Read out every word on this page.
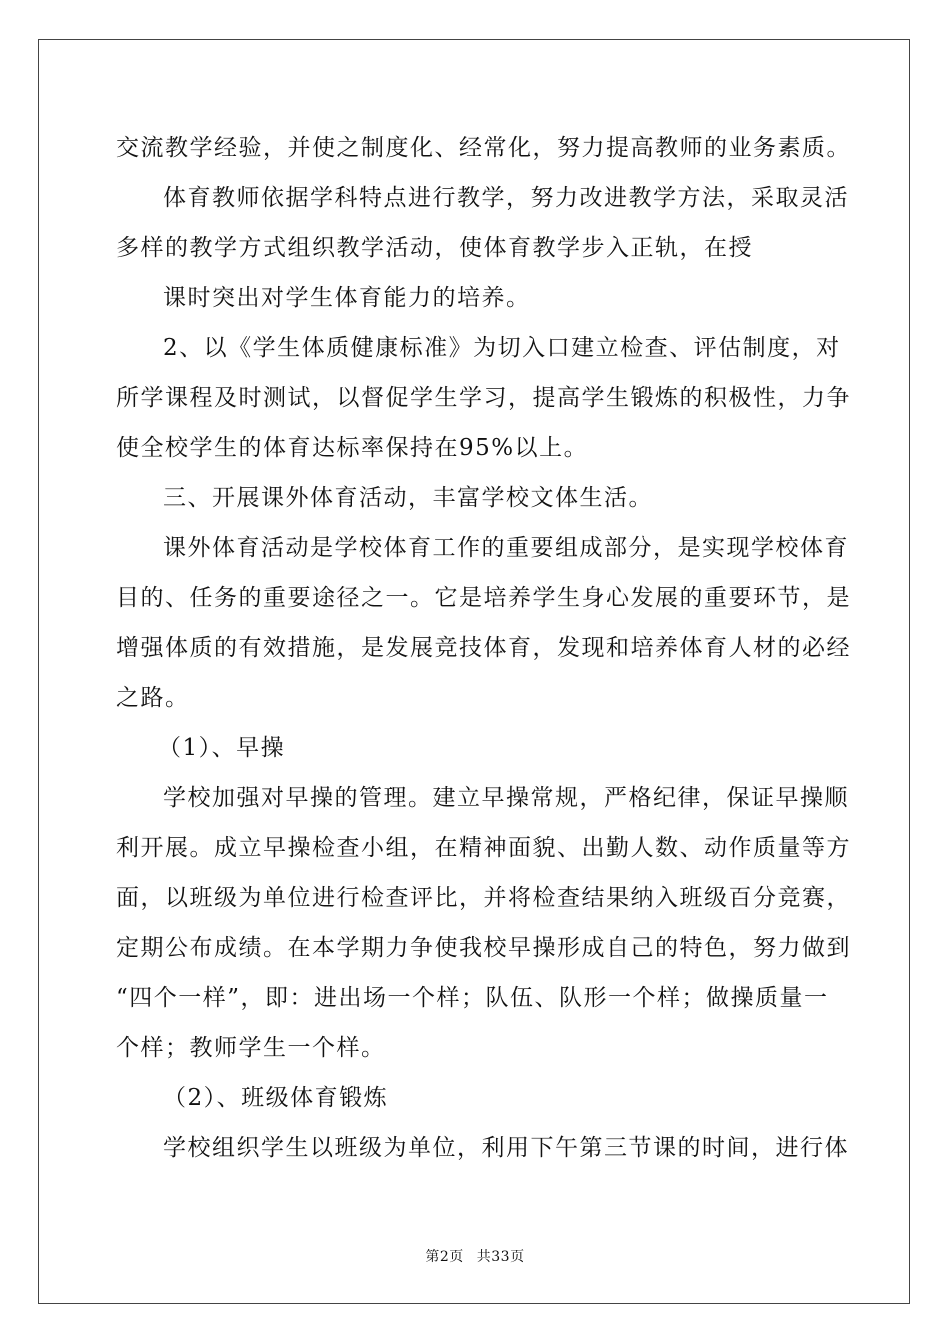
交流教学经验，并使之制度化、经常化，努力提高教师的业务素质。
体育教师依据学科特点进行教学，努力改进教学方法，采取灵活
多样的教学方式组织教学活动，使体育教学步入正轨，在授
课时突出对学生体育能力的培养。
2、以《学生体质健康标准》为切入口建立检查、评估制度，对
所学课程及时测试，以督促学生学习，提高学生锻炼的积极性，力争
使全校学生的体育达标率保持在95%以上。
三、开展课外体育活动，丰富学校文体生活。
课外体育活动是学校体育工作的重要组成部分，是实现学校体育
目的、任务的重要途径之一。它是培养学生身心发展的重要环节，是
增强体质的有效措施，是发展竞技体育，发现和培养体育人材的必经
之路。
（1）、早操
学校加强对早操的管理。建立早操常规，严格纪律，保证早操顺
利开展。成立早操检查小组，在精神面貌、出勤人数、动作质量等方
面，以班级为单位进行检查评比，并将检查结果纳入班级百分竞赛，
定期公布成绩。在本学期力争使我校早操形成自己的特色，努力做到
“四个一样”，即：进出场一个样；队伍、队形一个样；做操质量一
个样；教师学生一个样。
（2）、班级体育锻炼
学校组织学生以班级为单位，利用下午第三节课的时间，进行体
第2页 共33页
